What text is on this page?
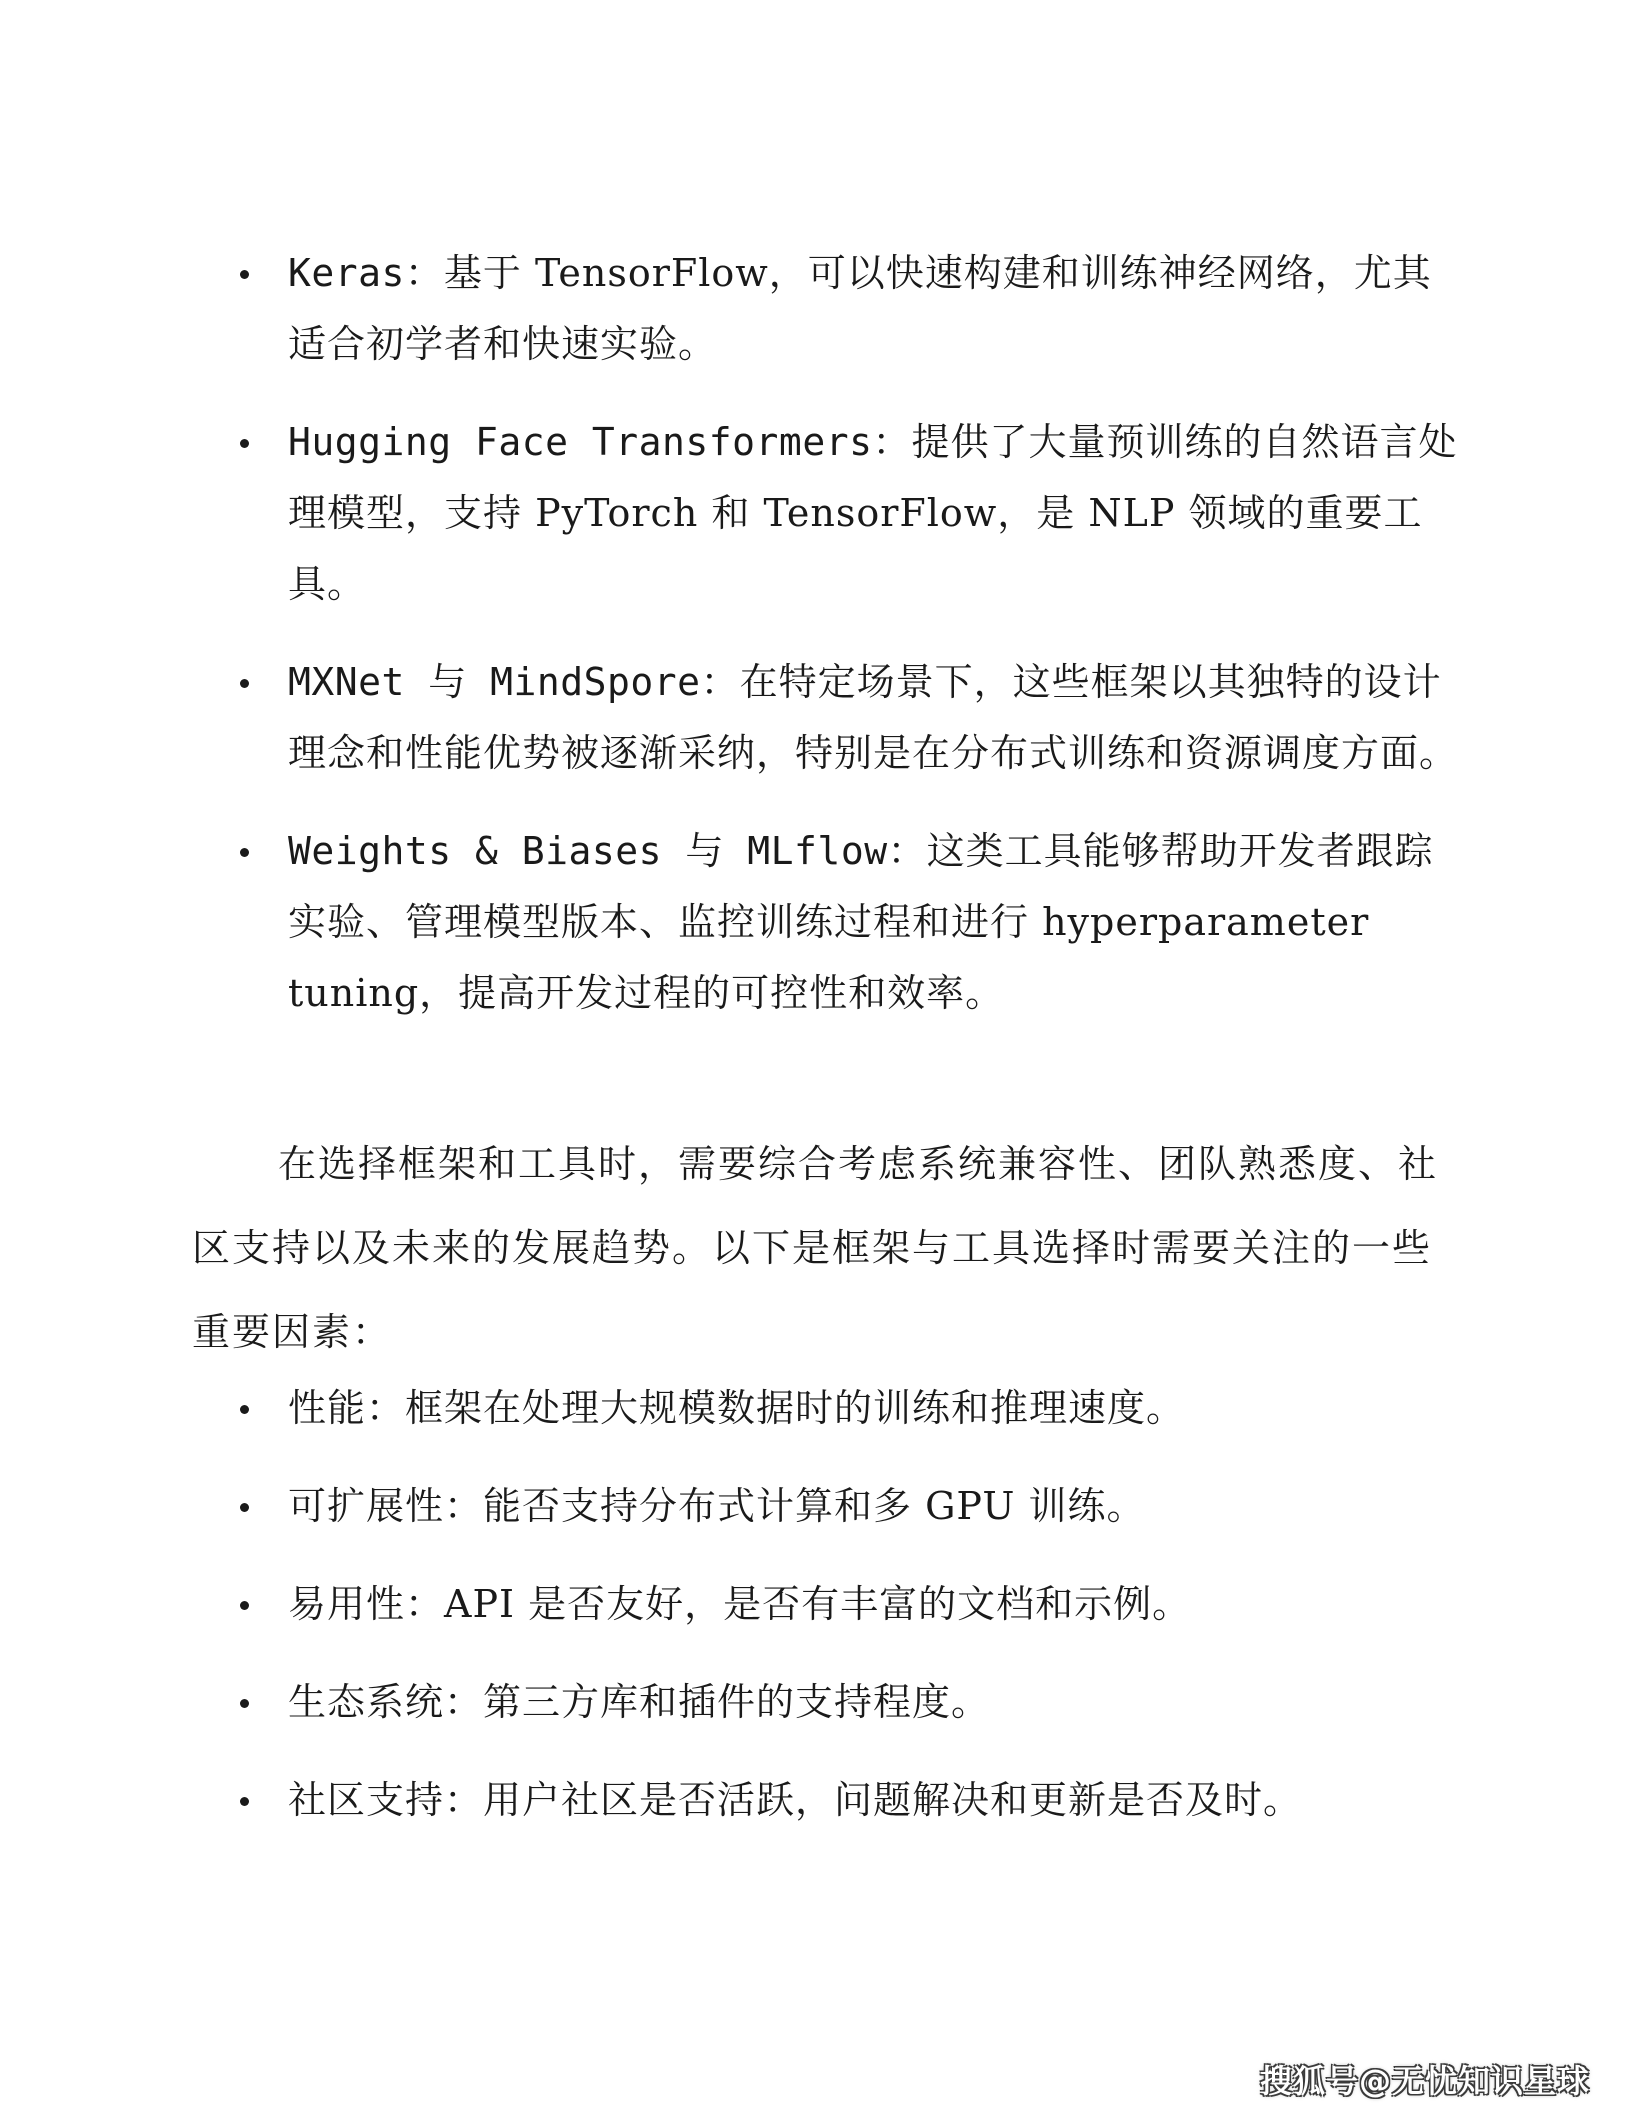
Keras：基于 TensorFlow，可以快速构建和训练神经网络，尤其适合初学者和快速实验。
Hugging Face Transformers：提供了大量预训练的自然语言处理模型，支持 PyTorch 和 TensorFlow，是 NLP 领域的重要工具。
MXNet 与 MindSpore：在特定场景下，这些框架以其独特的设计理念和性能优势被逐渐采纳，特别是在分布式训练和资源调度方面。
Weights & Biases 与 MLflow：这类工具能够帮助开发者跟踪实验、管理模型版本、监控训练过程和进行 hyperparameter tuning，提高开发过程的可控性和效率。

在选择框架和工具时，需要综合考虑系统兼容性、团队熟悉度、社区支持以及未来的发展趋势。以下是框架与工具选择时需要关注的一些重要因素：

性能：框架在处理大规模数据时的训练和推理速度。
可扩展性：能否支持分布式计算和多 GPU 训练。
易用性：API 是否友好，是否有丰富的文档和示例。
生态系统：第三方库和插件的支持程度。
社区支持：用户社区是否活跃，问题解决和更新是否及时。
搜狐号@无忧知识星球
